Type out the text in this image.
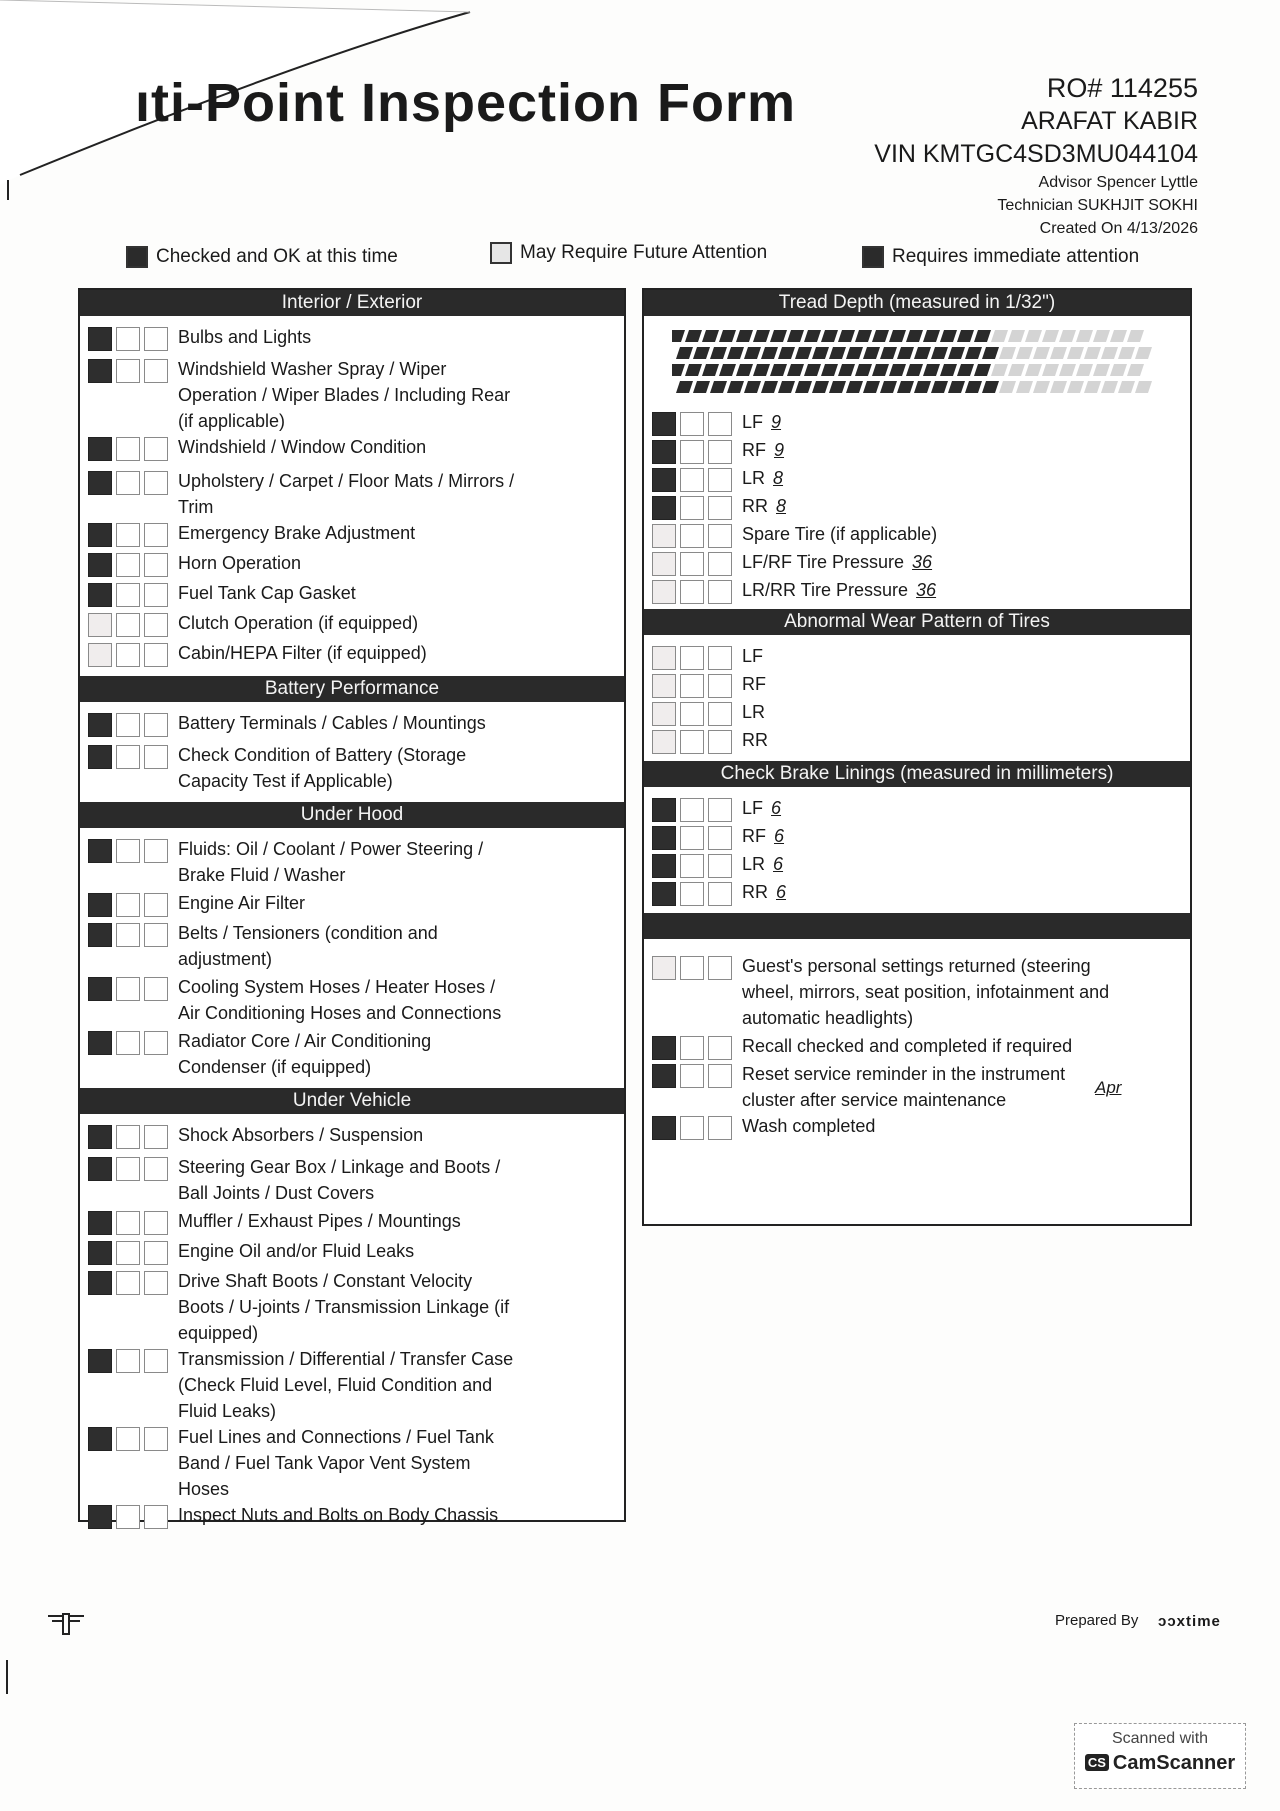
ıti-Point Inspection Form	RO# 114255
ARAFAT KABIR
VIN KMTGC4SD3MU044104
Advisor Spencer Lyttle
Technician SUKHJIT SOKHI
Created On 4/13/2026
Checked and OK at this time	May Require Future Attention	Requires immediate attention
Interior / Exterior
Bulbs and Lights
Windshield Washer Spray / Wiper Operation / Wiper Blades / Including Rear (if applicable)
Windshield / Window Condition
Upholstery / Carpet / Floor Mats / Mirrors / Trim
Emergency Brake Adjustment
Horn Operation
Fuel Tank Cap Gasket
Clutch Operation (if equipped)
Cabin/HEPA Filter (if equipped)
Battery Performance
Battery Terminals / Cables / Mountings
Check Condition of Battery (Storage Capacity Test if Applicable)
Under Hood
Fluids: Oil / Coolant / Power Steering / Brake Fluid / Washer
Engine Air Filter
Belts / Tensioners (condition and adjustment)
Cooling System Hoses / Heater Hoses / Air Conditioning Hoses and Connections
Radiator Core / Air Conditioning Condenser (if equipped)
Under Vehicle
Shock Absorbers / Suspension
Steering Gear Box / Linkage and Boots / Ball Joints / Dust Covers
Muffler / Exhaust Pipes / Mountings
Engine Oil and/or Fluid Leaks
Drive Shaft Boots / Constant Velocity Boots / U-joints / Transmission Linkage (if equipped)
Transmission / Differential / Transfer Case (Check Fluid Level, Fluid Condition and Fluid Leaks)
Fuel Lines and Connections / Fuel Tank Band / Fuel Tank Vapor Vent System Hoses
Inspect Nuts and Bolts on Body Chassis
Tread Depth (measured in 1/32")
LF 9
RF 9
LR 8
RR 8
Spare Tire (if applicable)
LF/RF Tire Pressure 36
LR/RR Tire Pressure 36
Abnormal Wear Pattern of Tires
LF
RF
LR
RR
Check Brake Linings (measured in millimeters)
LF 6
RF 6
LR 6
RR 6
Guest's personal settings returned (steering wheel, mirrors, seat position, infotainment and automatic headlights)
Recall checked and completed if required
Reset service reminder in the instrument cluster after service maintenance
Wash completed
Apr
Prepared By ɔɔxtime
Scanned with
CS CamScanner
